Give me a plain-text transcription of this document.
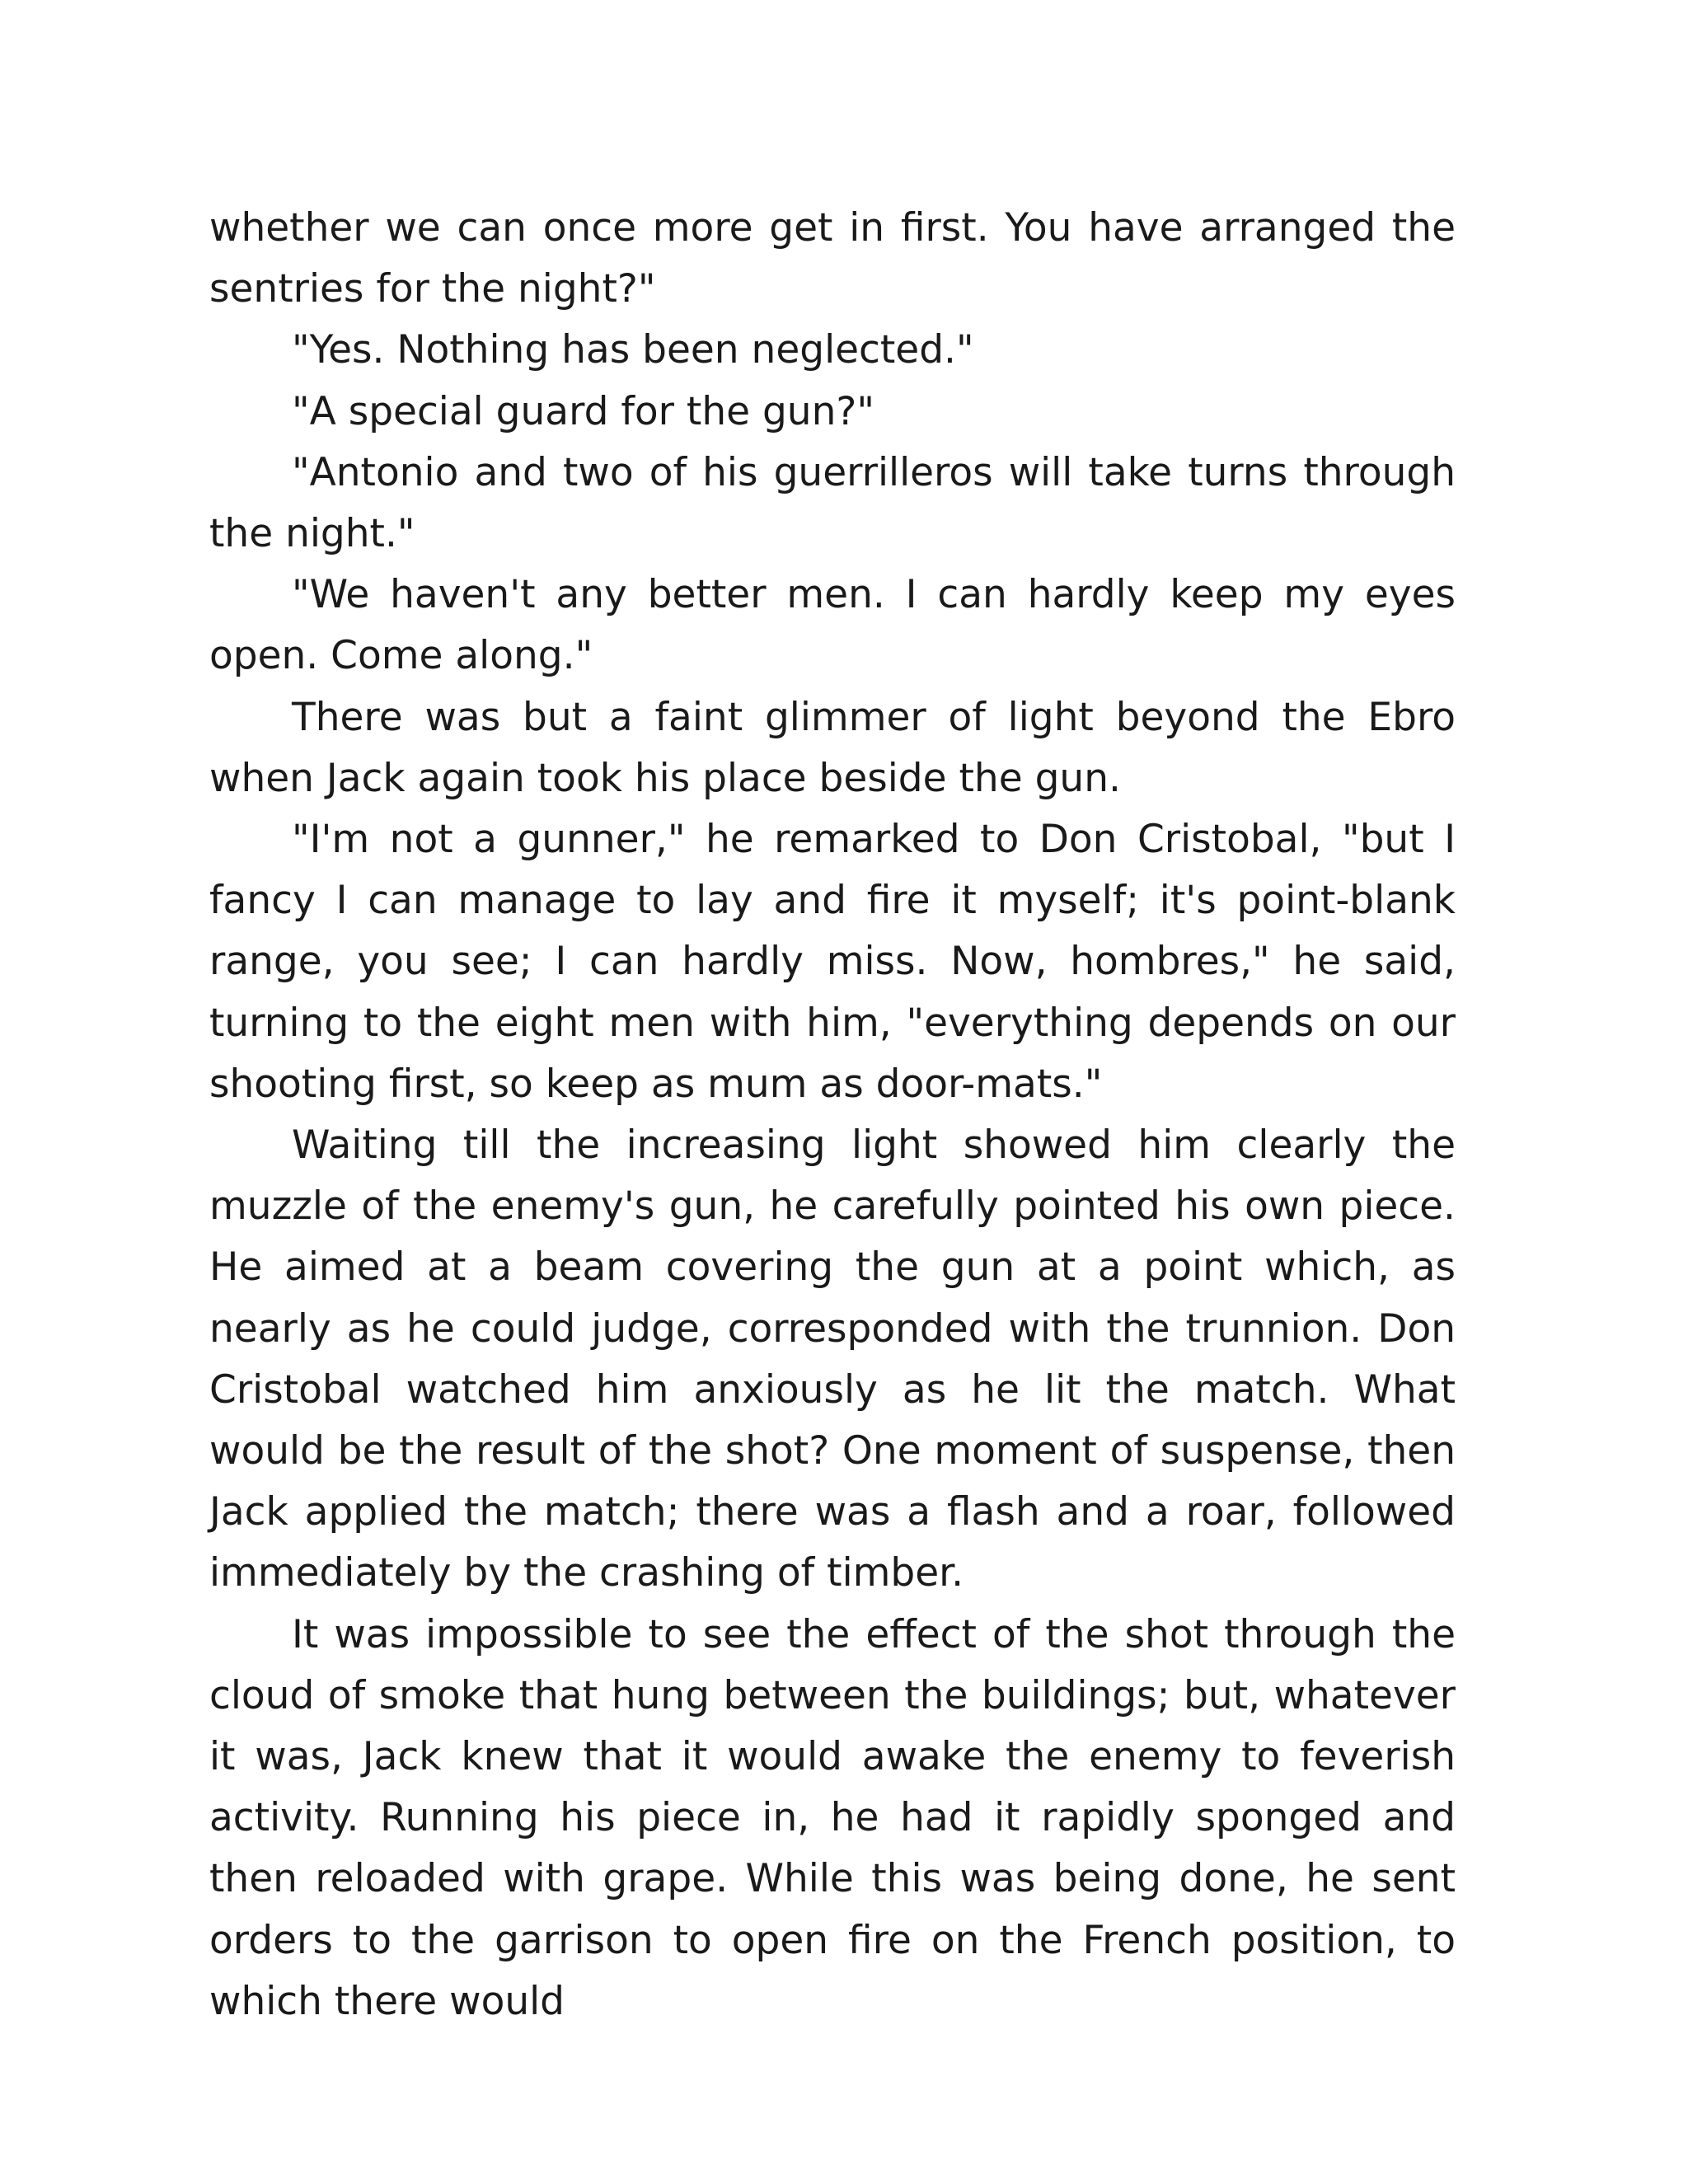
whether we can once more get in first. You have arranged the sentries for the night?"

"Yes. Nothing has been neglected."

"A special guard for the gun?"

"Antonio and two of his guerrilleros will take turns through the night."

"We haven't any better men. I can hardly keep my eyes open. Come along."

There was but a faint glimmer of light beyond the Ebro when Jack again took his place beside the gun.

"I'm not a gunner," he remarked to Don Cristobal, "but I fancy I can manage to lay and fire it myself; it's point-blank range, you see; I can hardly miss. Now, hombres," he said, turning to the eight men with him, "everything depends on our shooting first, so keep as mum as door-mats."

Waiting till the increasing light showed him clearly the muzzle of the enemy's gun, he carefully pointed his own piece. He aimed at a beam covering the gun at a point which, as nearly as he could judge, corresponded with the trunnion. Don Cristobal watched him anxiously as he lit the match. What would be the result of the shot? One moment of suspense, then Jack applied the match; there was a flash and a roar, followed immediately by the crashing of timber.

It was impossible to see the effect of the shot through the cloud of smoke that hung between the buildings; but, whatever it was, Jack knew that it would awake the enemy to feverish activity. Running his piece in, he had it rapidly sponged and then reloaded with grape. While this was being done, he sent orders to the garrison to open fire on the French position, to which there would
